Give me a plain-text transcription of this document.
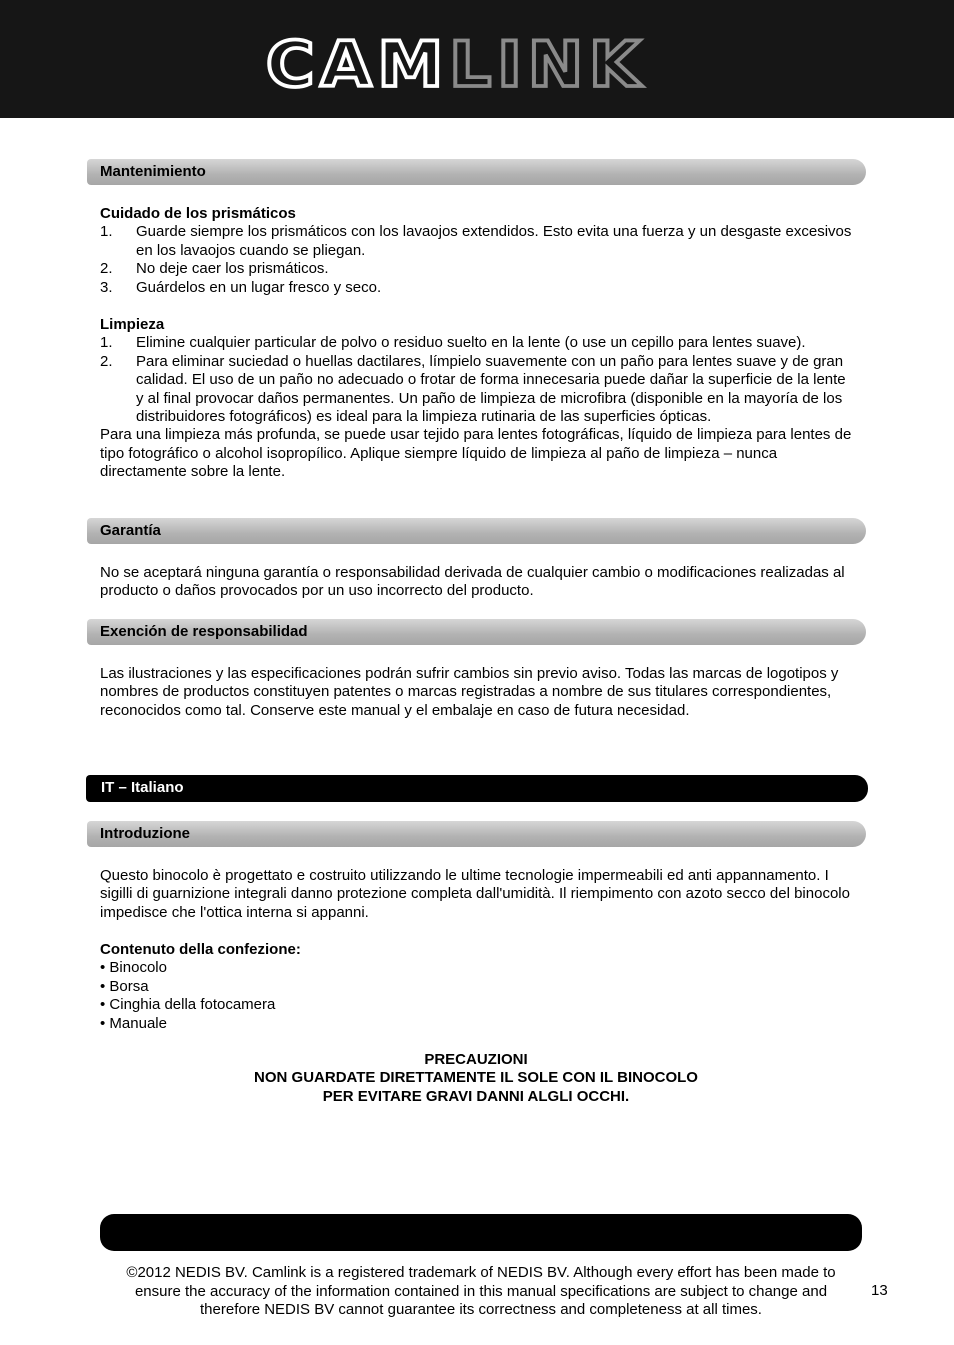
CAMLINK
Mantenimiento

Cuidado de los prismáticos

1. Guarde siempre los prismáticos con los lavaojos extendidos. Esto evita una fuerza y un desgaste excesivos en los lavaojos cuando se pliegan.
2. No deje caer los prismáticos.
3. Guárdelos en un lugar fresco y seco.

Limpieza

1. Elimine cualquier particular de polvo o residuo suelto en la lente (o use un cepillo para lentes suave).
2. Para eliminar suciedad o huellas dactilares, límpielo suavemente con un paño para lentes suave y de gran calidad. El uso de un paño no adecuado o frotar de forma innecesaria puede dañar la superficie de la lente y al final provocar daños permanentes. Un paño de limpieza de microfibra (disponible en la mayoría de los distribuidores fotográficos) es ideal para la limpieza rutinaria de las superficies ópticas.

Para una limpieza más profunda, se puede usar tejido para lentes fotográficas, líquido de limpieza para lentes de tipo fotográfico o alcohol isopropílico. Aplique siempre líquido de limpieza al paño de limpieza – nunca directamente sobre la lente.

Garantía

No se aceptará ninguna garantía o responsabilidad derivada de cualquier cambio o modificaciones realizadas al producto o daños provocados por un uso incorrecto del producto.

Exención de responsabilidad

Las ilustraciones y las especificaciones podrán sufrir cambios sin previo aviso. Todas las marcas de logotipos y nombres de productos constituyen patentes o marcas registradas a nombre de sus titulares correspondientes, reconocidos como tal. Conserve este manual y el embalaje en caso de futura necesidad.

IT – Italiano
Introduzione

Questo binocolo è progettato e costruito utilizzando le ultime tecnologie impermeabili ed anti appannamento. I sigilli di guarnizione integrali danno protezione completa dall'umidità. Il riempimento con azoto secco del binocolo impedisce che l'ottica interna si appanni.

Contenuto della confezione:

• Binocolo

• Borsa

• Cinghia della fotocamera

• Manuale

PRECAUZIONI

NON GUARDATE DIRETTAMENTE IL SOLE CON IL BINOCOLO

PER EVITARE GRAVI DANNI ALGLI OCCHI.

©2012 NEDIS BV. Camlink is a registered trademark of NEDIS BV. Although every effort has been made to ensure the accuracy of the information contained in this manual specifications are subject to change and therefore NEDIS BV cannot guarantee its correctness and completeness at all times.
13
